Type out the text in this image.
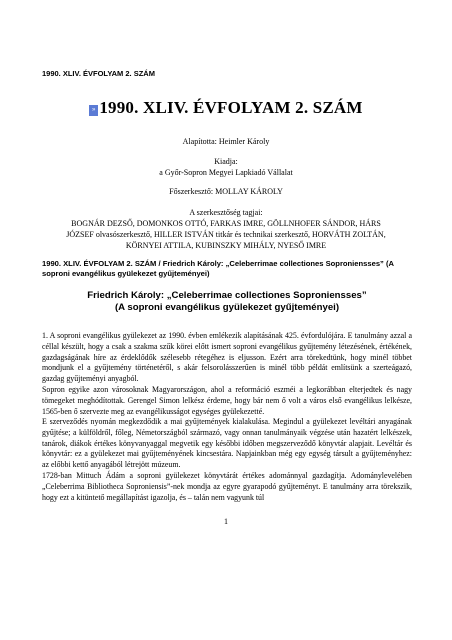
1990. XLIV. ÉVFOLYAM 2. SZÁM
» 1990. XLIV. ÉVFOLYAM 2. SZÁM
Alapította: Heimler Károly
Kiadja:
a Győr-Sopron Megyei Lapkiadó Vállalat
Főszerkesztő: MOLLAY KÁROLY
A szerkesztőség tagjai:
BOGNÁR DEZSŐ, DOMONKOS OTTÓ, FARKAS IMRE, GÖLLNHOFER SÁNDOR, HÁRS
JÓZSEF olvasószerkesztő, HILLER ISTVÁN titkár és technikai szerkesztő, HORVÁTH ZOLTÁN,
KÖRNYEI ATTILA, KUBINSZKY MIHÁLY, NYESŐ IMRE
1990. XLIV. ÉVFOLYAM 2. SZÁM / Friedrich Károly: „Celeberrimae collectiones Soproniensses” (A
soproni evangélikus gyülekezet gyűjteményei)
Friedrich Károly: „Celeberrimae collectiones Soproniensses”
(A soproni evangélikus gyülekezet gyűjteményei)
1. A soproni evangélikus gyülekezet az 1990. évben emlékezik alapításának 425. évfordulójára. E tanulmány azzal a céllal készült, hogy a csak a szakma szűk körei előtt ismert soproni evangélikus gyűjtemény létezésének, értékének, gazdagságának híre az érdeklődők szélesebb rétegéhez is eljusson. Ezért arra törekedtünk, hogy minél többet mondjunk el a gyűjtemény történetéről, s akár felsorolásszerűen is minél több példát említsünk a szerteágazó, gazdag gyűjteményi anyagból.
Sopron egyike azon városoknak Magyarországon, ahol a reformáció eszméi a legkorábban elterjedtek és nagy tömegeket meghódítottak. Gerengel Simon lelkész érdeme, hogy bár nem ő volt a város első evangélikus lelkésze, 1565-ben ő szervezte meg az evangélikusságot egységes gyülekezetté.
E szerveződés nyomán megkezdődik a mai gyűjtemények kialakulása. Megindul a gyülekezet levéltári anyagának gyűjtése; a külföldről, főleg, Németországból származó, vagy onnan tanulmányaik végzése után hazatért lelkészek, tanárok, diákok értékes könyvanyaggal megvetik egy későbbi időben megszerveződő könyvtár alapjait. Levéltár és könyvtár: ez a gyülekezet mai gyűjteményének kincsestára. Napjainkban még egy egység társult a gyűjteményhez: az előbbi kettő anyagából létrejött múzeum.
1728-ban Mittuch Ádám a soproni gyülekezet könyvtárát értékes adománnyal gazdagítja. Adománylevelében „Celeberrima Bibliotheca Soproniensis”-nek mondja az egyre gyarapodó gyűjteményt. E tanulmány arra törekszik, hogy ezt a kitüntető megállapítást igazolja, és – talán nem vagyunk túl
1
